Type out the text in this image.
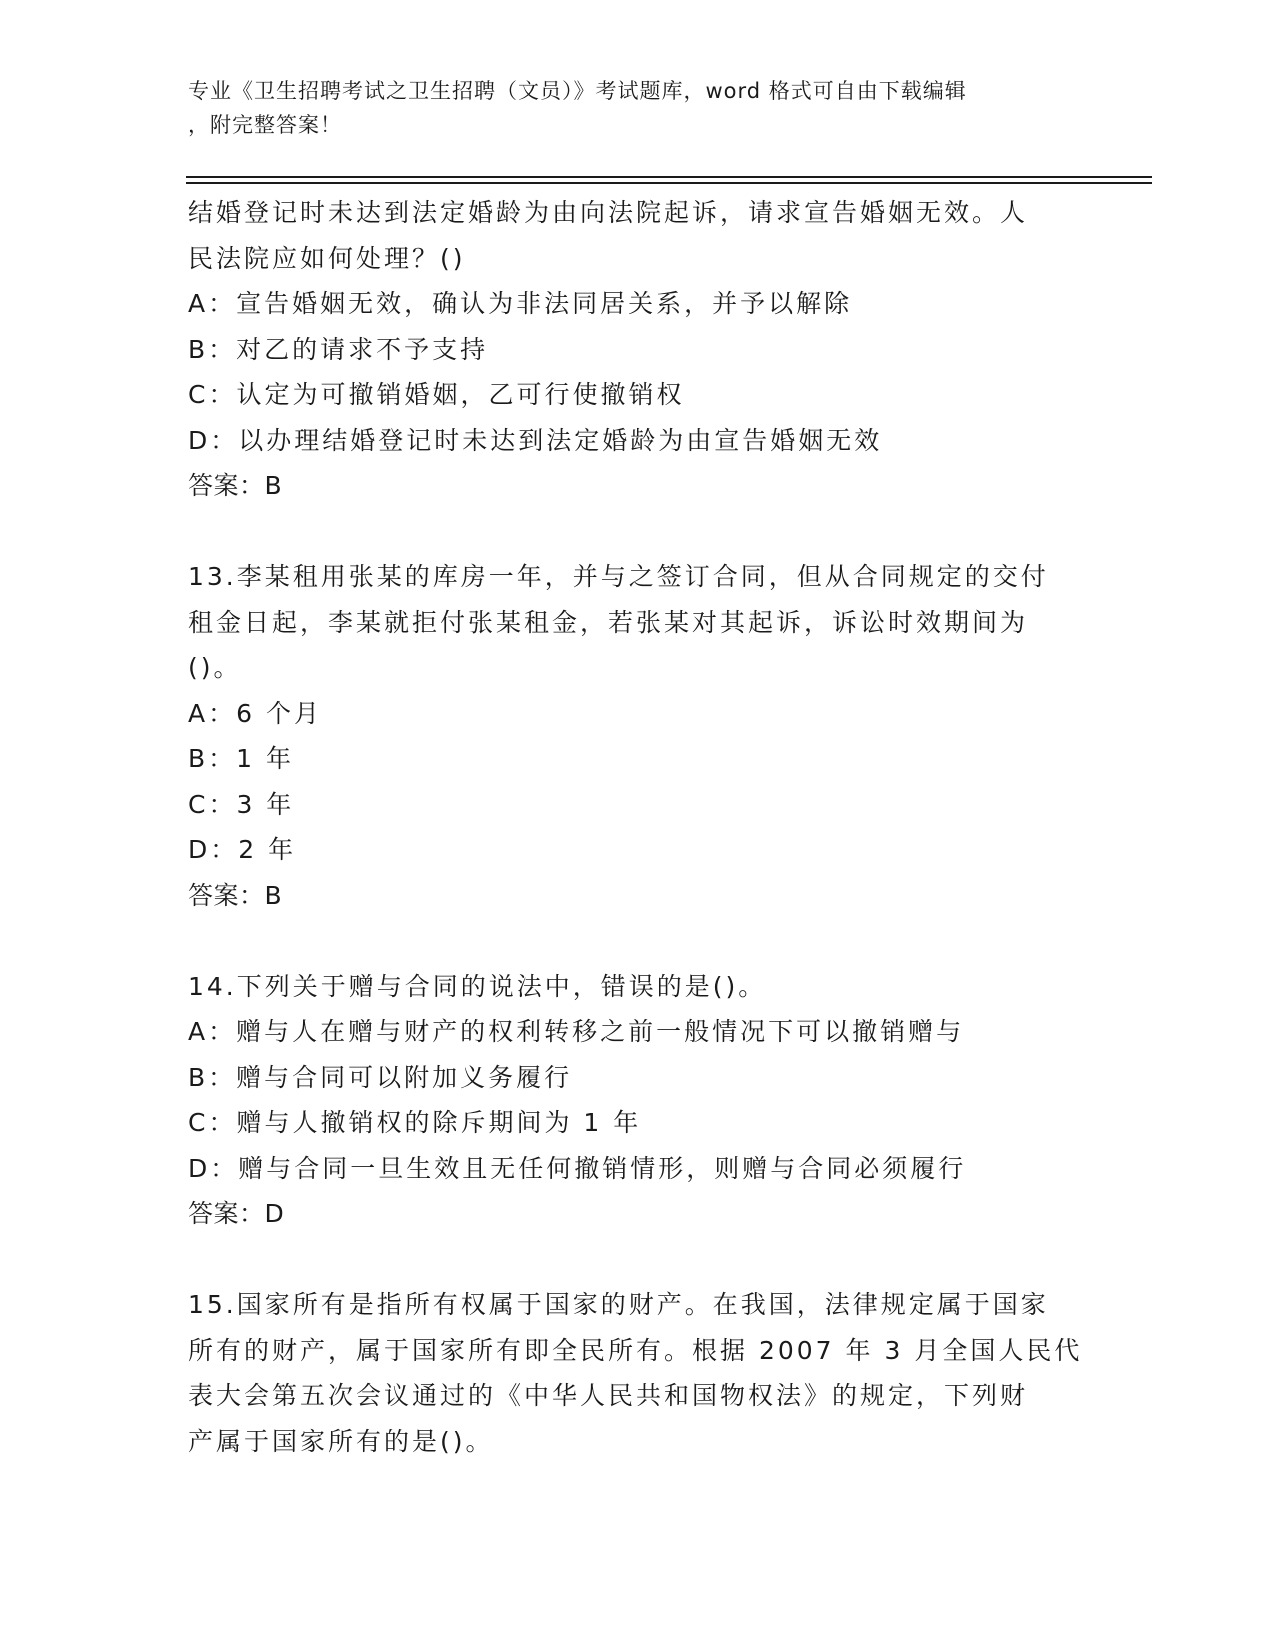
专业《卫生招聘考试之卫生招聘（文员）》考试题库，word 格式可自由下载编辑
，附完整答案！
结婚登记时未达到法定婚龄为由向法院起诉，请求宣告婚姻无效。人
民法院应如何处理？()
A：宣告婚姻无效，确认为非法同居关系，并予以解除
B：对乙的请求不予支持
C：认定为可撤销婚姻，乙可行使撤销权
D：以办理结婚登记时未达到法定婚龄为由宣告婚姻无效
答案：B
13.李某租用张某的库房一年，并与之签订合同，但从合同规定的交付
租金日起，李某就拒付张某租金，若张某对其起诉，诉讼时效期间为
()。
A：6 个月
B：1 年
C：3 年
D：2 年
答案：B
14.下列关于赠与合同的说法中，错误的是()。
A：赠与人在赠与财产的权利转移之前一般情况下可以撤销赠与
B：赠与合同可以附加义务履行
C：赠与人撤销权的除斥期间为 1 年
D：赠与合同一旦生效且无任何撤销情形，则赠与合同必须履行
答案：D
15.国家所有是指所有权属于国家的财产。在我国，法律规定属于国家
所有的财产，属于国家所有即全民所有。根据 2007 年 3 月全国人民代
表大会第五次会议通过的《中华人民共和国物权法》的规定，下列财
产属于国家所有的是()。
